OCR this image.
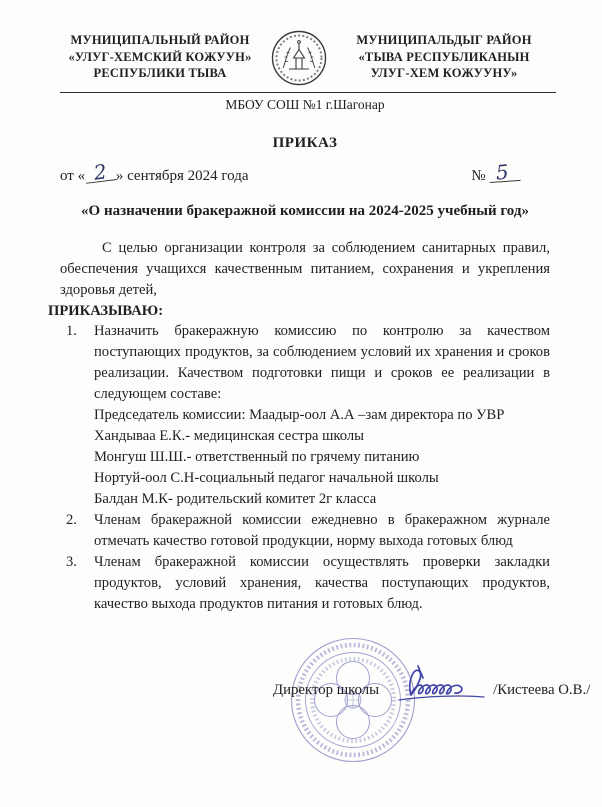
МУНИЦИПАЛЬНЫЙ РАЙОН
«УЛУГ-ХЕМСКИЙ КОЖУУН»
РЕСПУБЛИКИ ТЫВА
МУНИЦИПАЛЬДЫГ РАЙОН
«ТЫВА РЕСПУБЛИКАНЫН
УЛУГ-ХЕМ КОЖУУНУ»
МБОУ СОШ №1 г.Шагонар
ПРИКАЗ
от « 2 » сентября 2024 года	№ 5
«О назначении бракеражной комиссии на 2024-2025 учебный год»

С целью организации контроля за соблюдением санитарных правил, обеспечения учащихся качественным питанием, сохранения и укрепления здоровья детей,

ПРИКАЗЫВАЮ:

1.	Назначить бракеражную комиссию по контролю за качеством поступающих продуктов, за соблюдением условий их хранения и сроков реализации. Качеством подготовки пищи и сроков ее реализации в следующем составе:
Председатель комиссии: Маадыр-оол А.А –зам директора по УВР
Хандываа Е.К.- медицинская сестра школы
Монгуш Ш.Ш.- ответственный по грячему питанию
Нортуй-оол С.Н-социальный педагог начальной школы
Балдан М.К- родительский комитет 2г класса
2.	Членам бракеражной комиссии ежедневно в бракеражном журнале отмечать качество готовой продукции, норму выхода готовых блюд
3.	Членам бракеражной комиссии осуществлять проверки закладки продуктов, условий хранения, качества поступающих продуктов, качество выхода продуктов питания и готовых блюд.
Директор школы	/Кистеева О.В./
